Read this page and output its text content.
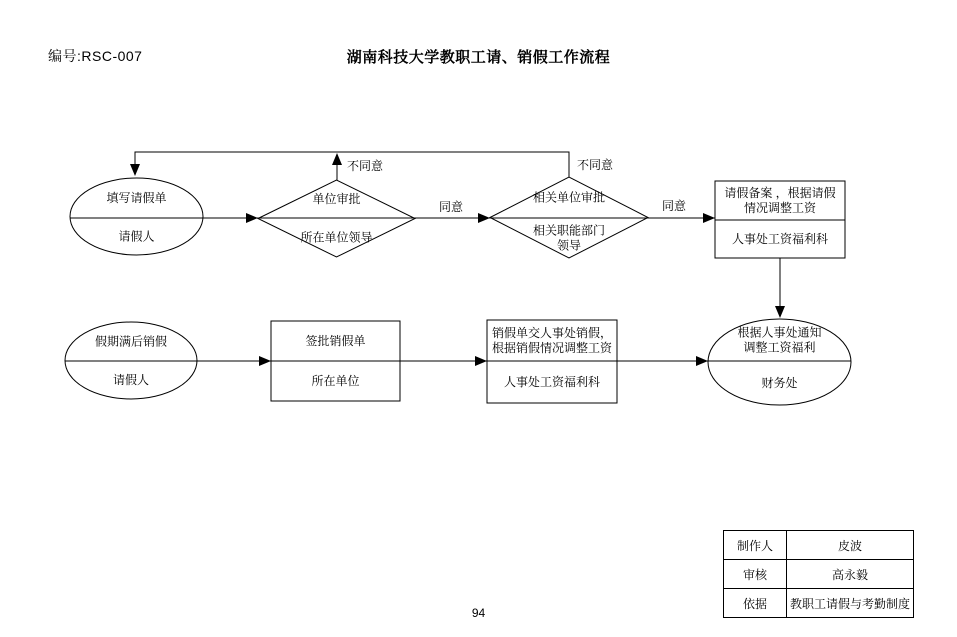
编号:RSC-007	湖南科技大学教职工请、销假工作流程
填写请假单
请假人
单位审批
所在单位领导
相关单位审批
相关职能部门
领导
请假备案 ，根据请假
情况调整工资
人事处工资福利科
假期满后销假
请假人
签批销假单
所在单位
销假单交人事处销假，
根据销假情况调整工资
人事处工资福利科
根据人事处通知
调整工资福利
财务处
不同意
同意
不同意
同意
制作人	皮波
审核	高永毅
依据	教职工请假与考勤制度
94
